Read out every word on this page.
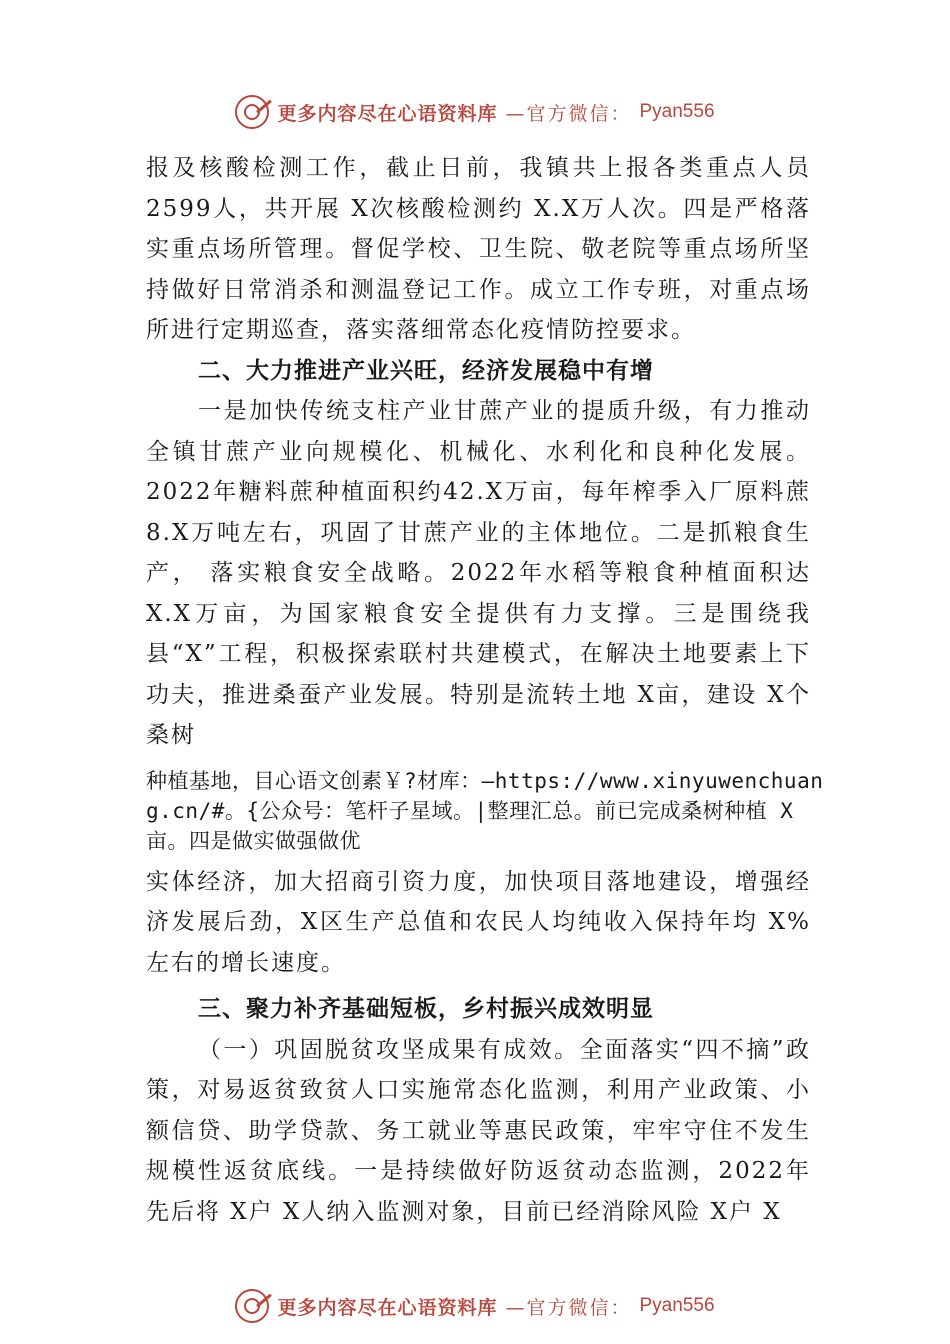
更多内容尽在心语资料库 —官方微信： Pyan556

报及核酸检测工作，截止日前，我镇共上报各类重点人员2599人，共开展 X次核酸检测约 X.X万人次。四是严格落实重点场所管理。督促学校、卫生院、敬老院等重点场所坚持做好日常消杀和测温登记工作。成立工作专班，对重点场所进行定期巡查，落实落细常态化疫情防控要求。

二、大力推进产业兴旺，经济发展稳中有增

一是加快传统支柱产业甘蔗产业的提质升级，有力推动全镇甘蔗产业向规模化、机械化、水利化和良种化发展。2022年糖料蔗种植面积约42.X万亩，每年榨季入厂原料蔗8.X万吨左右，巩固了甘蔗产业的主体地位。二是抓粮食生产， 落实粮食安全战略。2022年水稻等粮食种植面积达 X.X万亩，为国家粮食安全提供有力支撑。三是围绕我县“X”工程，积极探索联村共建模式，在解决土地要素上下功夫，推进桑蚕产业发展。特别是流转土地 X亩，建设 X个桑树

种植基地，目心语文创素￥?材库：—https://www.xinyuwenchuang.cn/#。{公众号：笔杆子星域。|整理汇总。前已完成桑树种植 X 亩。四是做实做强做优

实体经济，加大招商引资力度，加快项目落地建设，增强经济发展后劲，X区生产总值和农民人均纯收入保持年均 X%左右的增长速度。

三、聚力补齐基础短板，乡村振兴成效明显

（一）巩固脱贫攻坚成果有成效。全面落实“四不摘”政策，对易返贫致贫人口实施常态化监测，利用产业政策、小 额信贷、助学贷款、务工就业等惠民政策，牢牢守住不发生规模性返贫底线。一是持续做好防返贫动态监测，2022年先后将 X户 X人纳入监测对象，目前已经消除风险 X户 X

更多内容尽在心语资料库 —官方微信： Pyan556
